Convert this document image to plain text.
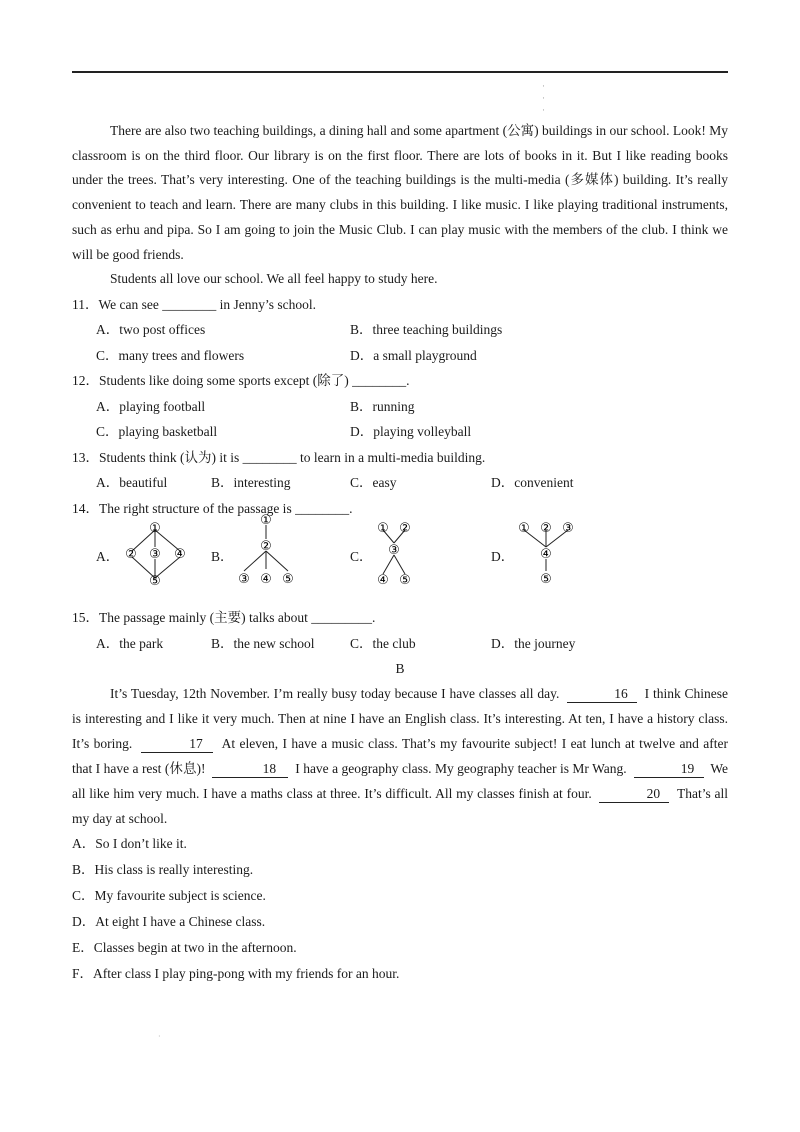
·
·
·

There are also two teaching buildings, a dining hall and some apartment (公寓) buildings in our school. Look! My classroom is on the third floor. Our library is on the first floor. There are lots of books in it. But I like reading books under the trees. That’s very interesting. One of the teaching buildings is the multi-media (多媒体) building. It’s really convenient to teach and learn. There are many clubs in this building. I like music. I like playing traditional instruments, such as erhu and pipa. So I am going to join the Music Club. I can play music with the members of the club. I think we will be good friends.

Students all love our school. We all feel happy to study here.

11．We can see ________ in Jenny’s school.
A．two post offices	B．three teaching buildings
C．many trees and flowers	D．a small playground
12．Students like doing some sports except (除了) ________.
A．playing football	B．running
C．playing basketball	D．playing volleyball
13．Students think (认为) it is ________ to learn in a multi-media building.
A．beautiful	B．interesting	C．easy	D．convenient
14．The right structure of the passage is ________.
A．	B．	C．	D．
①
② ③ ④
⑤
①
②
③ ④ ⑤
① ②
③
④ ⑤
① ② ③
④
⑤
15．The passage mainly (主要) talks about _________.
A．the park	B．the new school	C．the club	D．the journey
B

It’s Tuesday, 12th November. I’m really busy today because I have classes all day.	16 I think Chinese is interesting and I like it very much. Then at nine I have an English class. It’s interesting. At ten, I have a history class. It’s boring.	17 At eleven, I have a music class. That’s my favourite subject! I eat lunch at twelve and after that I have a rest (休息)!	18 I have a geography class. My geography teacher is Mr Wang.	19 We all like him very much. I have a maths class at three. It’s difficult. All my classes finish at four.	20 That’s all my day at school.

A．So I don’t like it.
B．His class is really interesting.
C．My favourite subject is science.
D．At eight I have a Chinese class.
E．Classes begin at two in the afternoon.
F．After class I play ping-pong with my friends for an hour.
·
